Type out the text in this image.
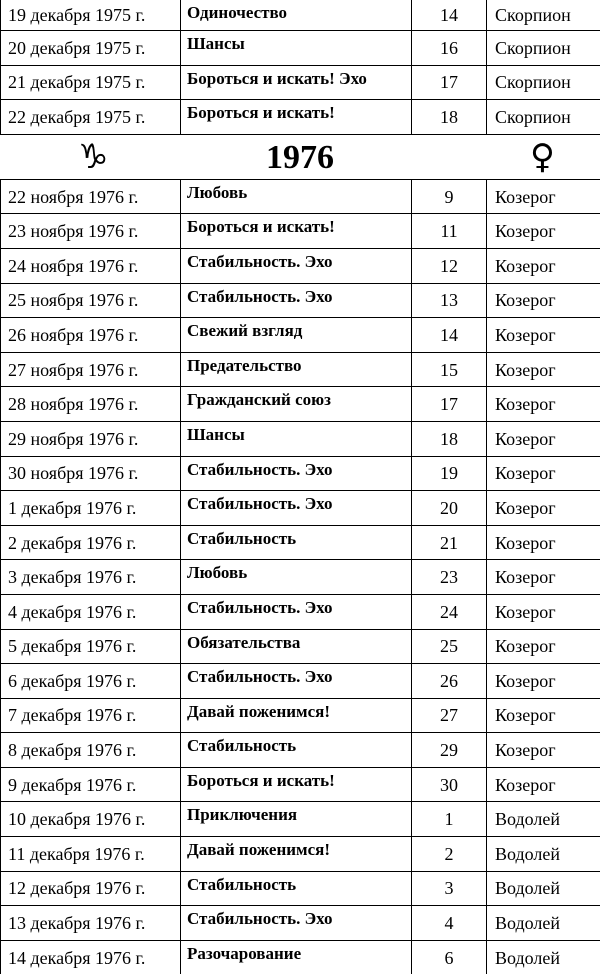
19 декабря 1975 г.	Одиночество	14	Скорпион
20 декабря 1975 г.	Шансы	16	Скорпион
21 декабря 1975 г.	Бороться и искать! Эхо	17	Скорпион
22 декабря 1975 г.	Бороться и искать!	18	Скорпион
♑	1976	♀
22 ноября 1976 г.	Любовь	9	Козерог
23 ноября 1976 г.	Бороться и искать!	11	Козерог
24 ноября 1976 г.	Стабильность. Эхо	12	Козерог
25 ноября 1976 г.	Стабильность. Эхо	13	Козерог
26 ноября 1976 г.	Свежий взгляд	14	Козерог
27 ноября 1976 г.	Предательство	15	Козерог
28 ноября 1976 г.	Гражданский союз	17	Козерог
29 ноября 1976 г.	Шансы	18	Козерог
30 ноября 1976 г.	Стабильность. Эхо	19	Козерог
1 декабря 1976 г.	Стабильность. Эхо	20	Козерог
2 декабря 1976 г.	Стабильность	21	Козерог
3 декабря 1976 г.	Любовь	23	Козерог
4 декабря 1976 г.	Стабильность. Эхо	24	Козерог
5 декабря 1976 г.	Обязательства	25	Козерог
6 декабря 1976 г.	Стабильность. Эхо	26	Козерог
7 декабря 1976 г.	Давай поженимся!	27	Козерог
8 декабря 1976 г.	Стабильность	29	Козерог
9 декабря 1976 г.	Бороться и искать!	30	Козерог
10 декабря 1976 г.	Приключения	1	Водолей
11 декабря 1976 г.	Давай поженимся!	2	Водолей
12 декабря 1976 г.	Стабильность	3	Водолей
13 декабря 1976 г.	Стабильность. Эхо	4	Водолей
14 декабря 1976 г.	Разочарование	6	Водолей
